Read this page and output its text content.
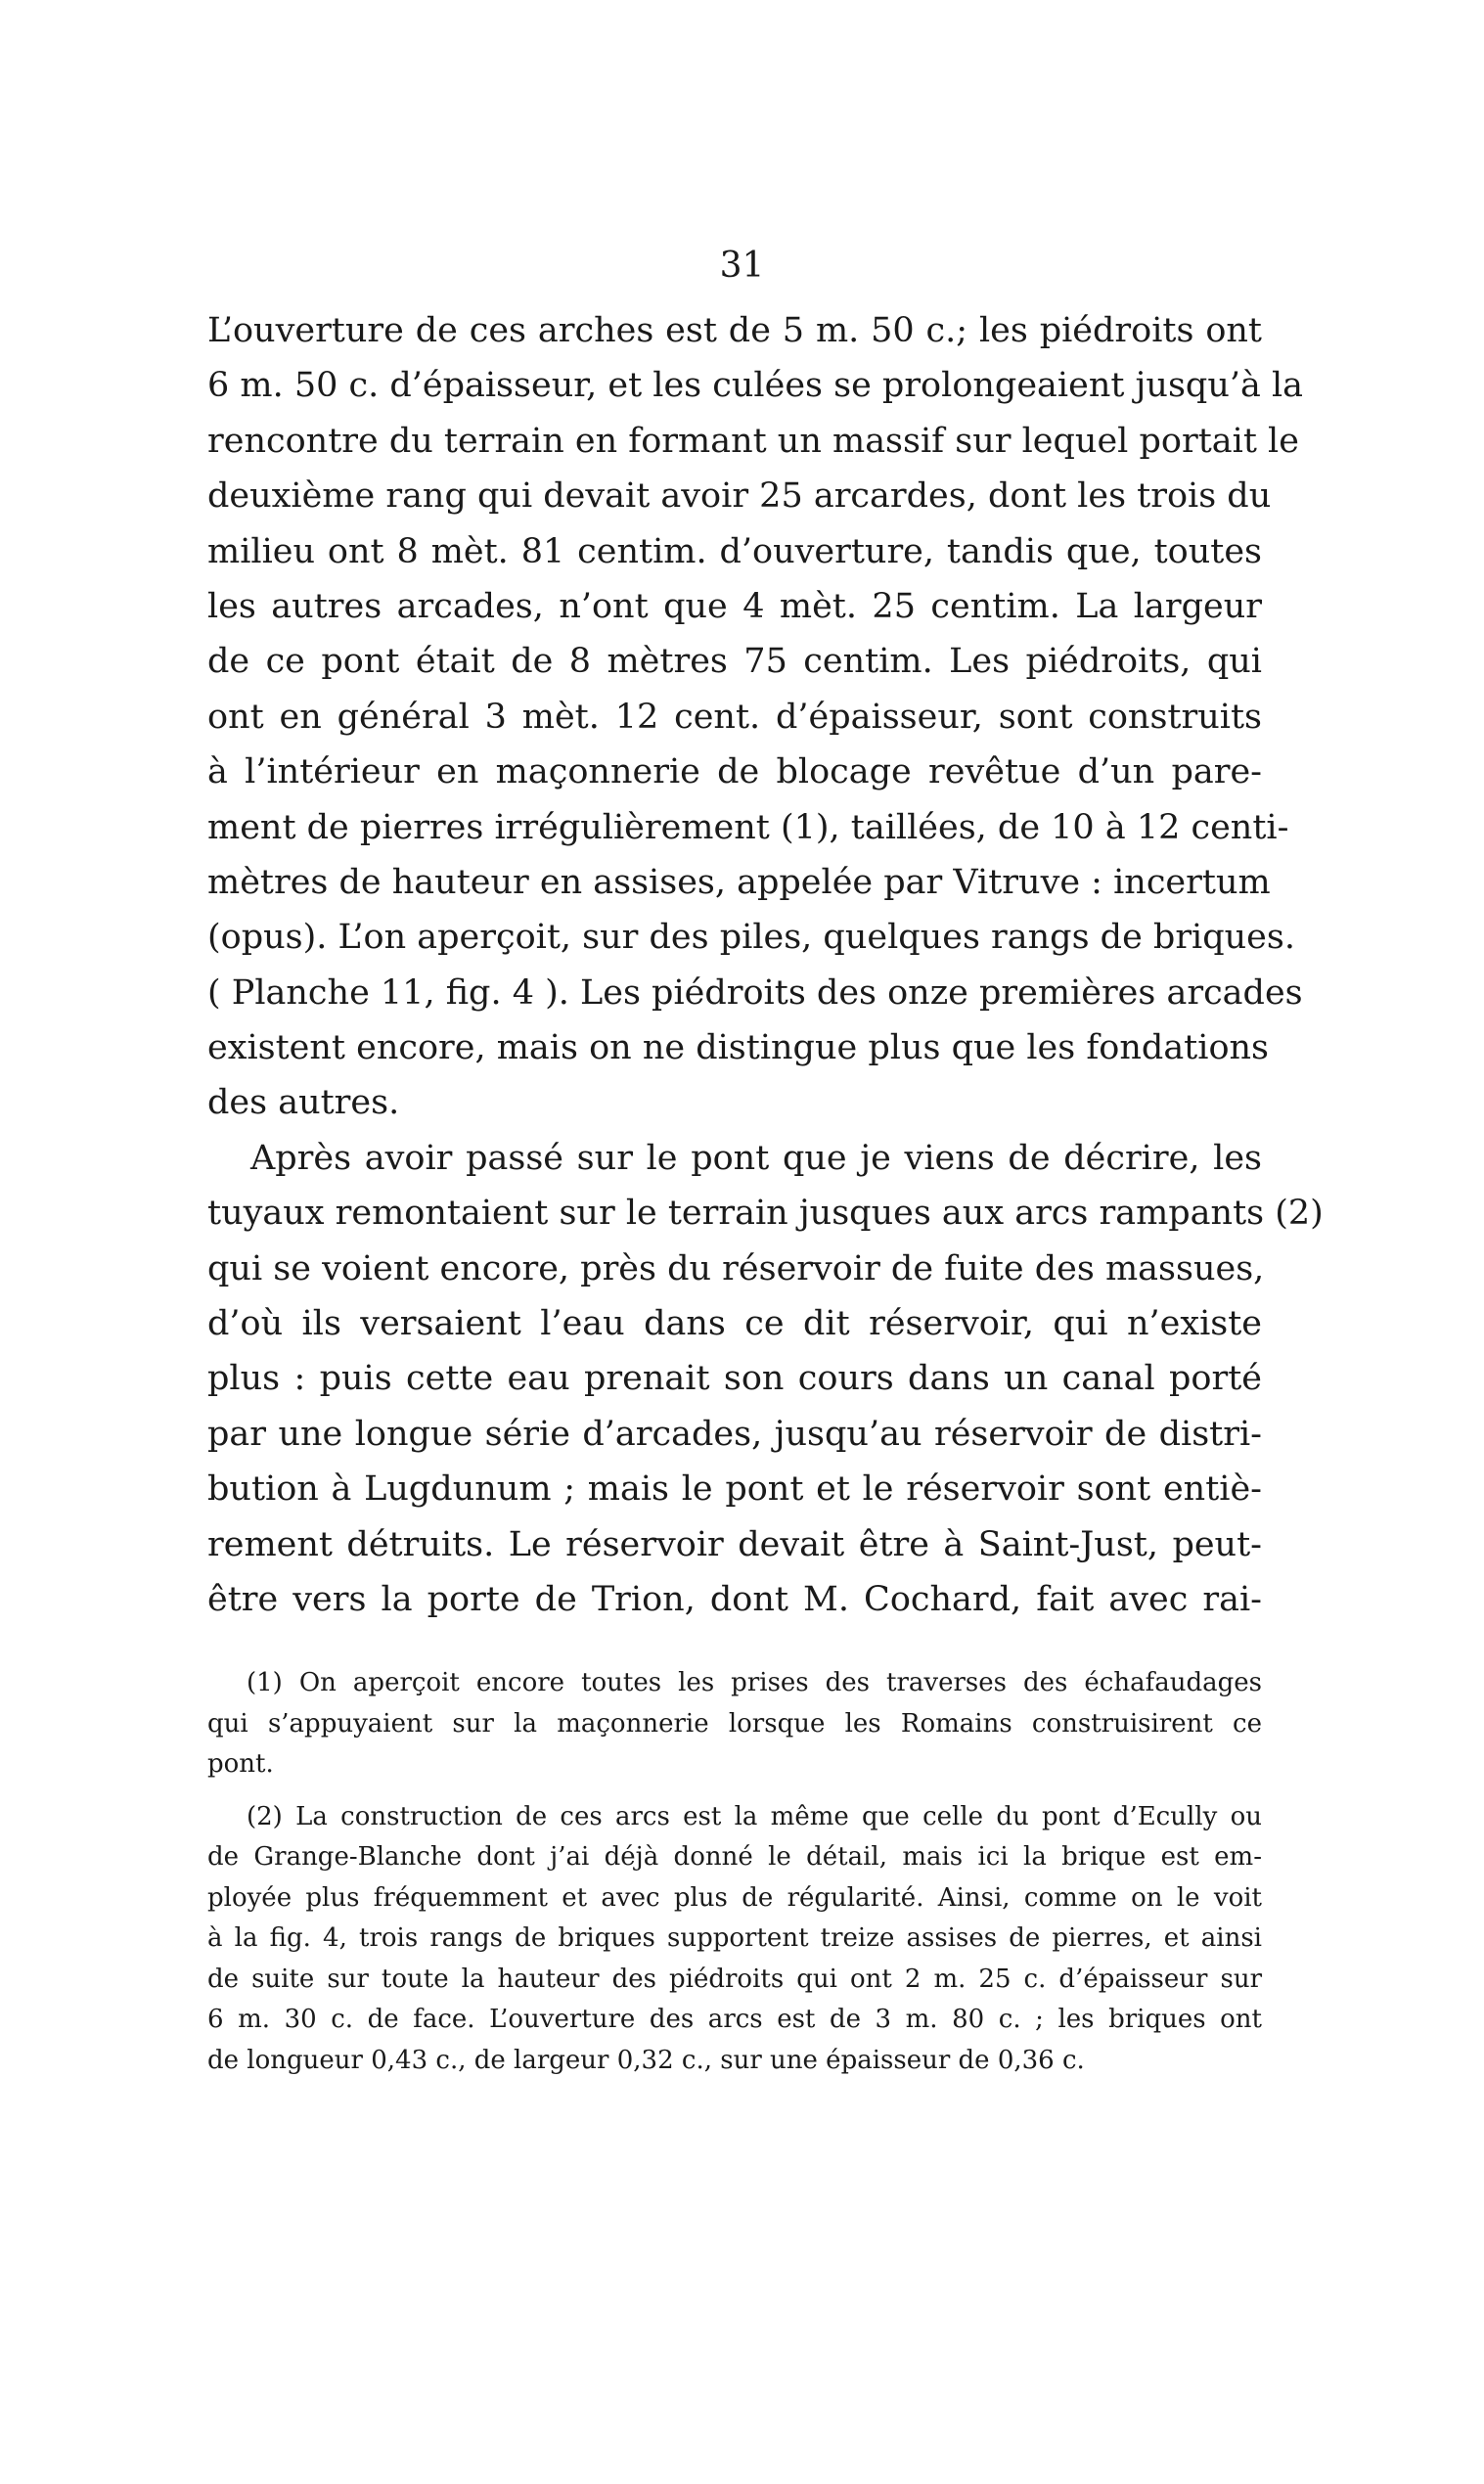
31
L’ouverture de ces arches est de 5 m. 50 c.; les piédroits ont
6 m. 50 c. d’épaisseur, et les culées se prolongeaient jusqu’à la
rencontre du terrain en formant un massif sur lequel portait le
deuxième rang qui devait avoir 25 arcardes, dont les trois du
milieu ont 8 mèt. 81 centim. d’ouverture, tandis que, toutes
les autres arcades, n’ont que 4 mèt. 25 centim. La largeur
de ce pont était de 8 mètres 75 centim. Les piédroits, qui
ont en général 3 mèt. 12 cent. d’épaisseur, sont construits
à l’intérieur en maçonnerie de blocage revêtue d’un pare-
ment de pierres irrégulièrement (1), taillées, de 10 à 12 centi-
mètres de hauteur en assises, appelée par Vitruve : incertum
(opus). L’on aperçoit, sur des piles, quelques rangs de briques.
( Planche 11, fig. 4 ). Les piédroits des onze premières arcades
existent encore, mais on ne distingue plus que les fondations
des autres.
Après avoir passé sur le pont que je viens de décrire, les
tuyaux remontaient sur le terrain jusques aux arcs rampants (2)
qui se voient encore, près du réservoir de fuite des massues,
d’où ils versaient l’eau dans ce dit réservoir, qui n’existe
plus : puis cette eau prenait son cours dans un canal porté
par une longue série d’arcades, jusqu’au réservoir de distri-
bution à Lugdunum ; mais le pont et le réservoir sont entiè-
rement détruits. Le réservoir devait être à Saint-Just, peut-
être vers la porte de Trion, dont M. Cochard, fait avec rai-
(1) On aperçoit encore toutes les prises des traverses des échafaudages
qui s’appuyaient sur la maçonnerie lorsque les Romains construisirent ce
pont.
(2) La construction de ces arcs est la même que celle du pont d’Ecully ou
de Grange-Blanche dont j’ai déjà donné le détail, mais ici la brique est em-
ployée plus fréquemment et avec plus de régularité. Ainsi, comme on le voit
à la fig. 4, trois rangs de briques supportent treize assises de pierres, et ainsi
de suite sur toute la hauteur des piédroits qui ont 2 m. 25 c. d’épaisseur sur
6 m. 30 c. de face. L’ouverture des arcs est de 3 m. 80 c. ; les briques ont
de longueur 0,43 c., de largeur 0,32 c., sur une épaisseur de 0,36 c.
